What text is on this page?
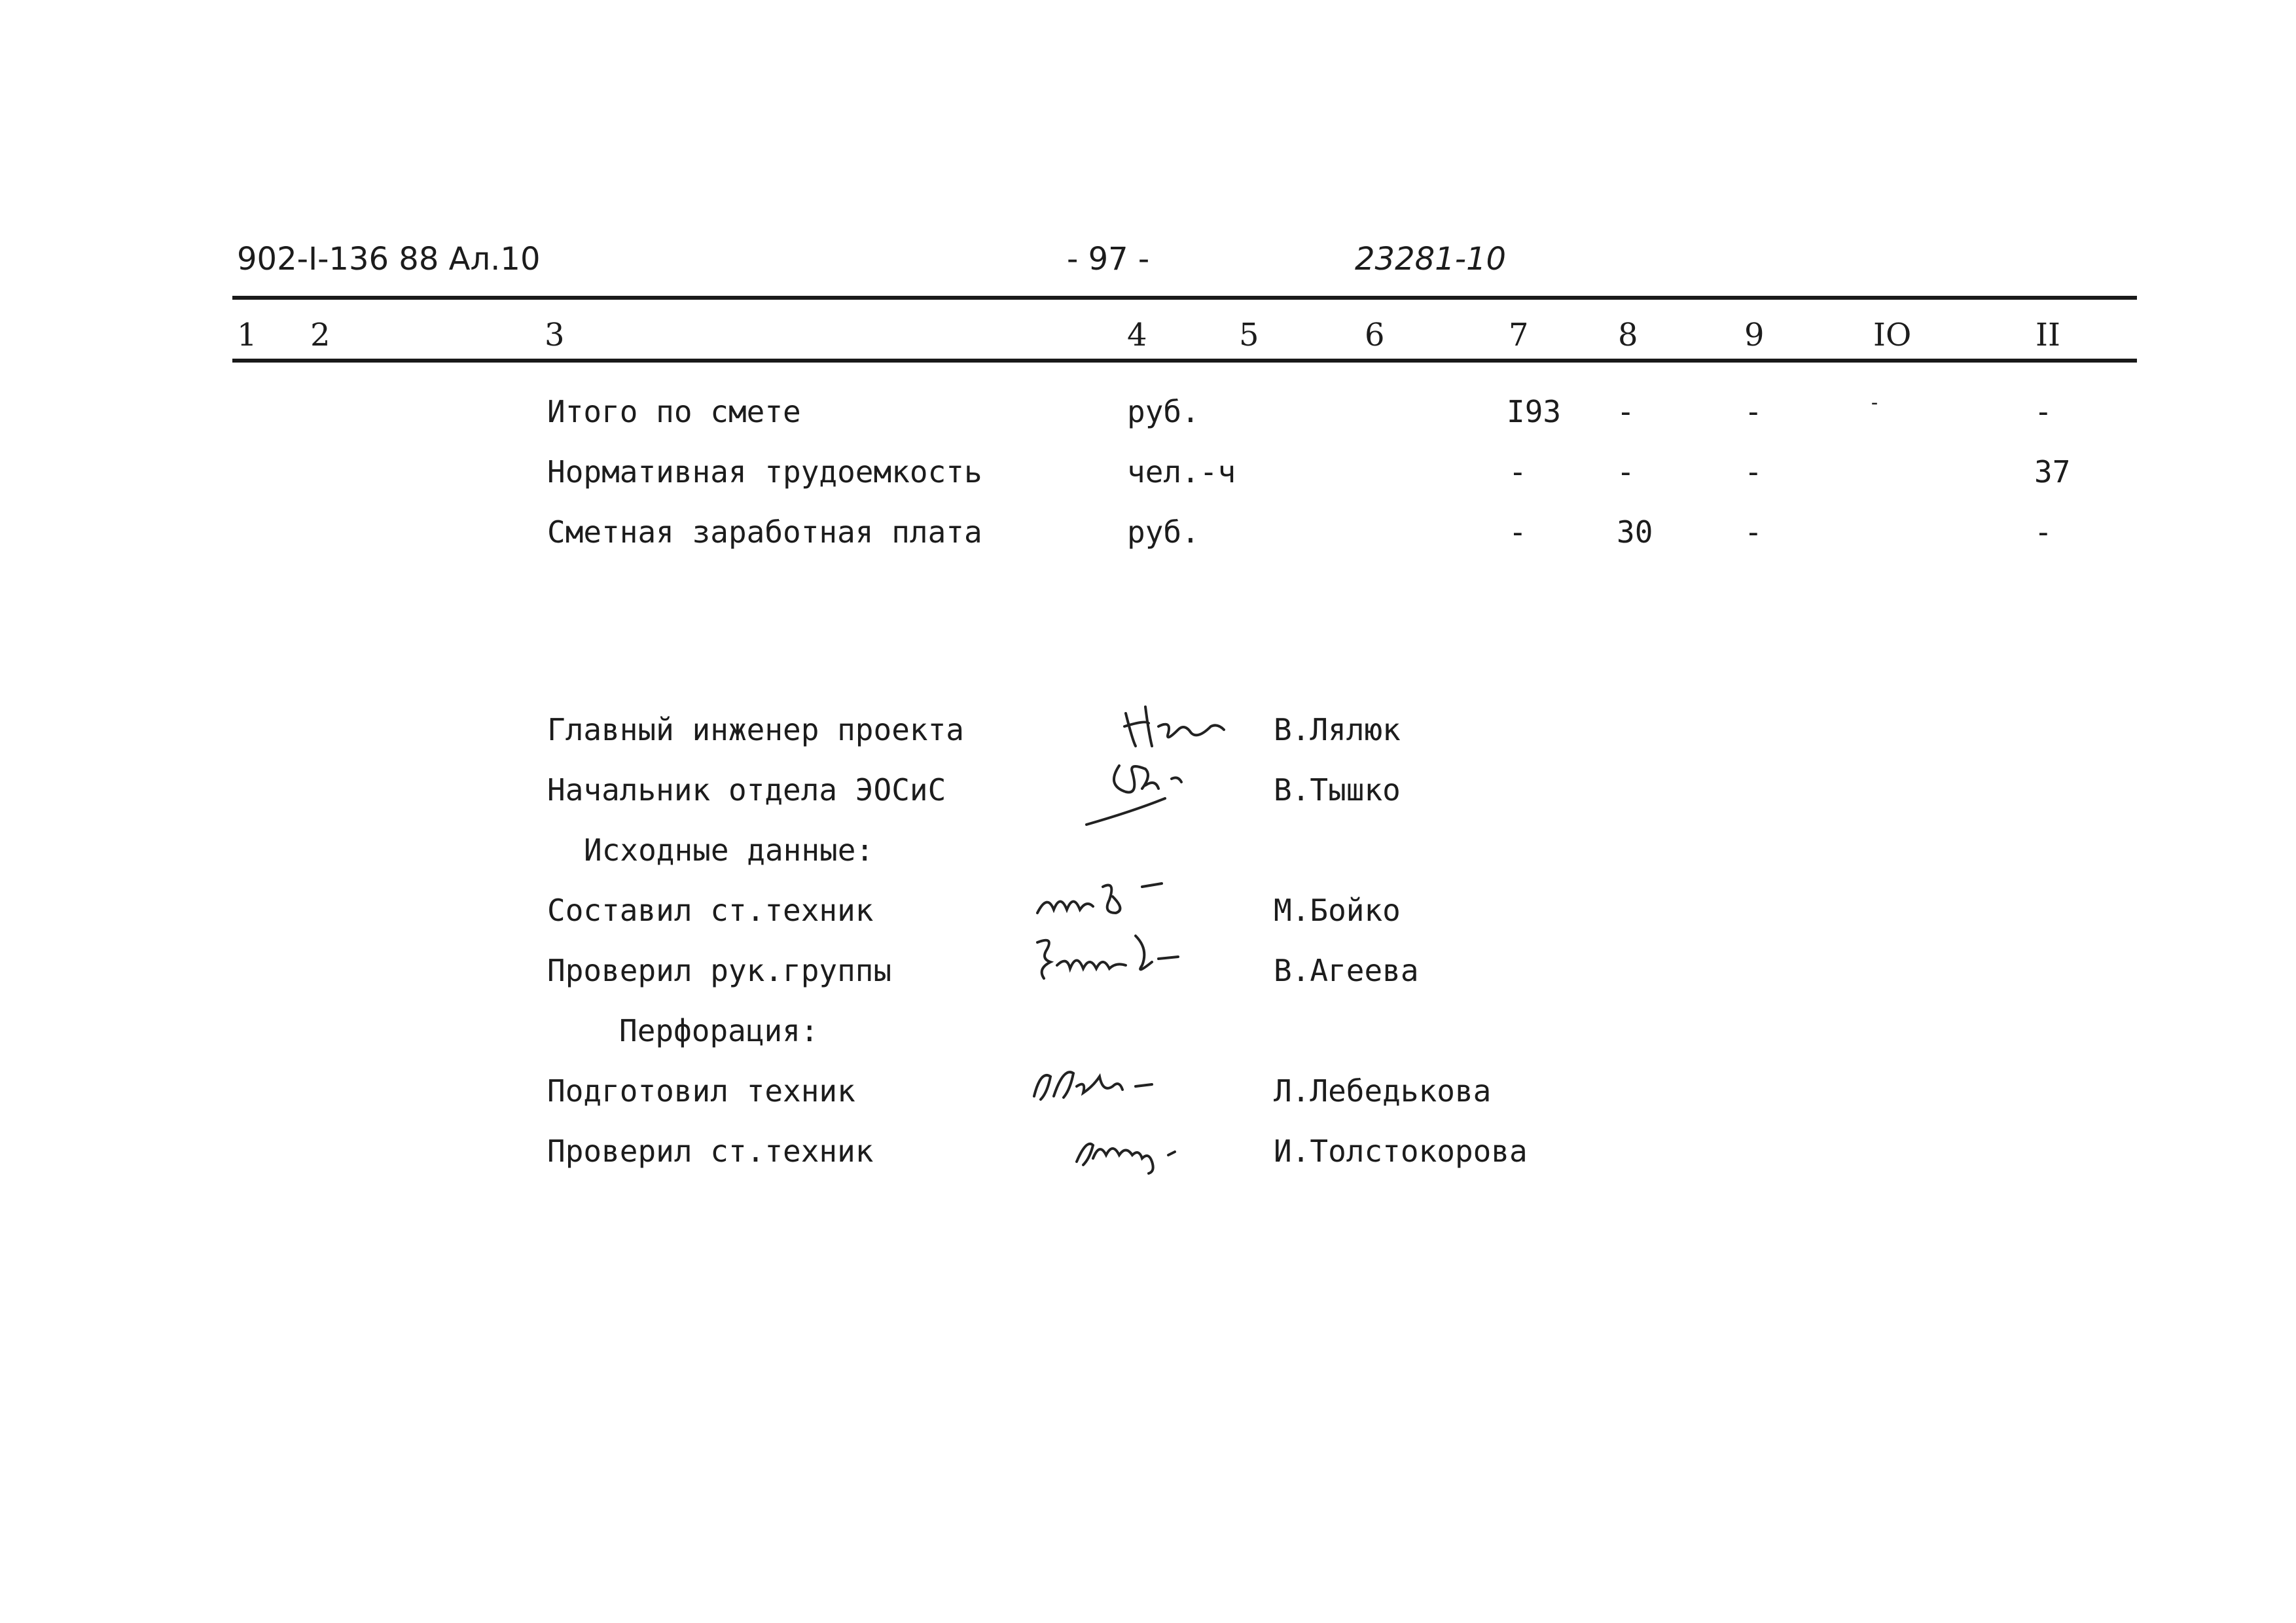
902-I-136 88 Ал.10	- 97 -	23281-10
1 2	3	4	5	6	7	8	9	IO	II
Итого по смете	руб.	I93 -	-	-	-
Нормативная трудоемкость	чел.-ч	-	-	-	37
Сметная заработная плата	руб.	-	30	-	-
Главный инженер проекта	В.Лялюк
Начальник отдела ЭОСиС	В.Тышко
Исходные данные:
Составил ст.техник	М.Бойко
Проверил рук.группы	В.Агеева
Перфорация:
Подготовил техник	Л.Лебедькова
Проверил ст.техник	И.Толстокорова
